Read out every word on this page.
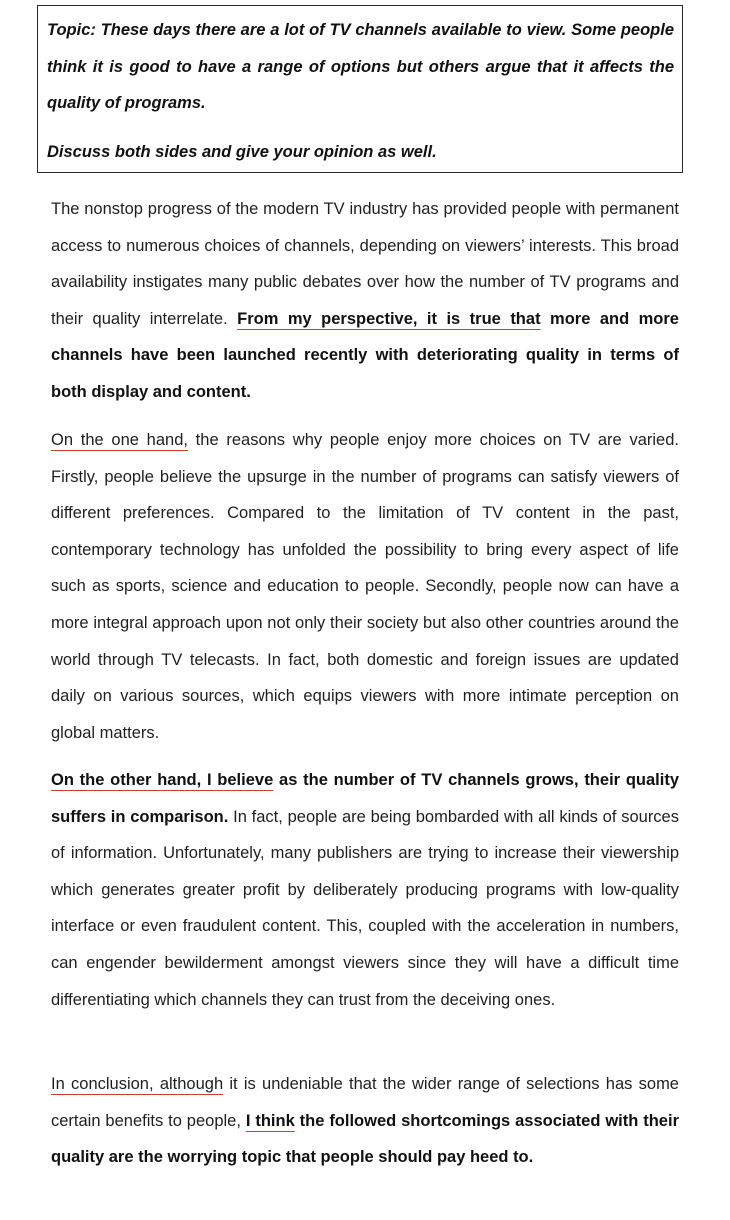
Topic: These days there are a lot of TV channels available to view. Some people think it is good to have a range of options but others argue that it affects the quality of programs.

Discuss both sides and give your opinion as well.

The nonstop progress of the modern TV industry has provided people with permanent access to numerous choices of channels, depending on viewers’ interests. This broad availability instigates many public debates over how the number of TV programs and their quality interrelate. From my perspective, it is true that more and more channels have been launched recently with deteriorating quality in terms of both display and content.

On the one hand, the reasons why people enjoy more choices on TV are varied. Firstly, people believe the upsurge in the number of programs can satisfy viewers of different preferences. Compared to the limitation of TV content in the past, contemporary technology has unfolded the possibility to bring every aspect of life such as sports, science and education to people. Secondly, people now can have a more integral approach upon not only their society but also other countries around the world through TV telecasts. In fact, both domestic and foreign issues are updated daily on various sources, which equips viewers with more intimate perception on global matters.

On the other hand, I believe as the number of TV channels grows, their quality suffers in comparison. In fact, people are being bombarded with all kinds of sources of information. Unfortunately, many publishers are trying to increase their viewership which generates greater profit by deliberately producing programs with low-quality interface or even fraudulent content. This, coupled with the acceleration in numbers, can engender bewilderment amongst viewers since they will have a difficult time differentiating which channels they can trust from the deceiving ones.

In conclusion, although it is undeniable that the wider range of selections has some certain benefits to people, I think the followed shortcomings associated with their quality are the worrying topic that people should pay heed to.
